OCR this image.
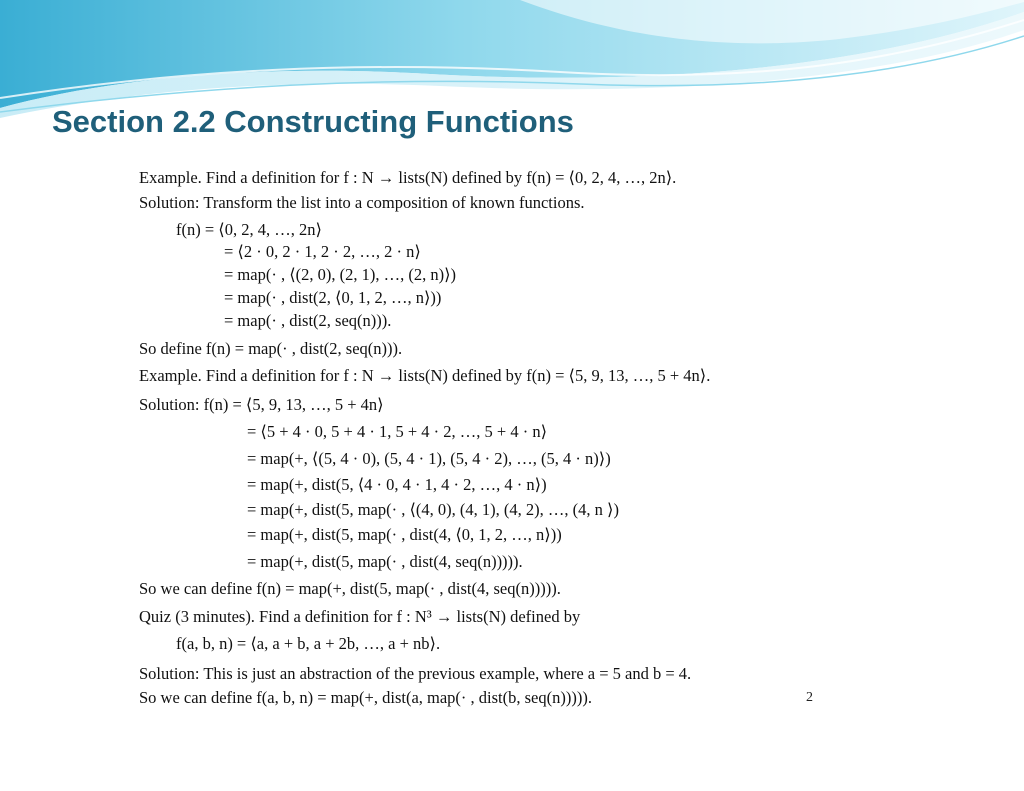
Section 2.2 Constructing Functions
Example. Find a definition for f : N → lists(N) defined by f(n) = ⟨0, 2, 4, …, 2n⟩.
Solution: Transform the list into a composition of known functions.
f(n) = ⟨0, 2, 4, …, 2n⟩
= ⟨2 · 0, 2 · 1, 2 · 2, …, 2 · n⟩
= map(· , ⟨(2, 0), (2, 1), …, (2, n)⟩)
= map(· , dist(2, ⟨0, 1, 2, …, n⟩))
= map(· , dist(2, seq(n))).
So define f(n) = map(· , dist(2, seq(n))).
Example. Find a definition for f : N → lists(N) defined by f(n) = ⟨5, 9, 13, …, 5 + 4n⟩.
Solution: f(n) = ⟨5, 9, 13, …, 5 + 4n⟩
= ⟨5 + 4 · 0, 5 + 4 · 1, 5 + 4 · 2, …, 5 + 4 · n⟩
= map(+, ⟨(5, 4 · 0), (5, 4 · 1), (5, 4 · 2), …, (5, 4 · n)⟩)
= map(+, dist(5, ⟨4 · 0, 4 · 1, 4 · 2, …, 4 · n⟩)
= map(+, dist(5, map(· , ⟨(4, 0), (4, 1), (4, 2), …, (4, n ⟩)
= map(+, dist(5, map(· , dist(4, ⟨0, 1, 2, …, n⟩))
= map(+, dist(5, map(· , dist(4, seq(n))))).
So we can define f(n) = map(+, dist(5, map(· , dist(4, seq(n))))).
Quiz (3 minutes). Find a definition for f : N³ → lists(N) defined by
f(a, b, n) = ⟨a, a + b, a + 2b, …, a + nb⟩.
Solution: This is just an abstraction of the previous example, where a = 5 and b = 4.
So we can define f(a, b, n) = map(+, dist(a, map(· , dist(b, seq(n))))).	2
